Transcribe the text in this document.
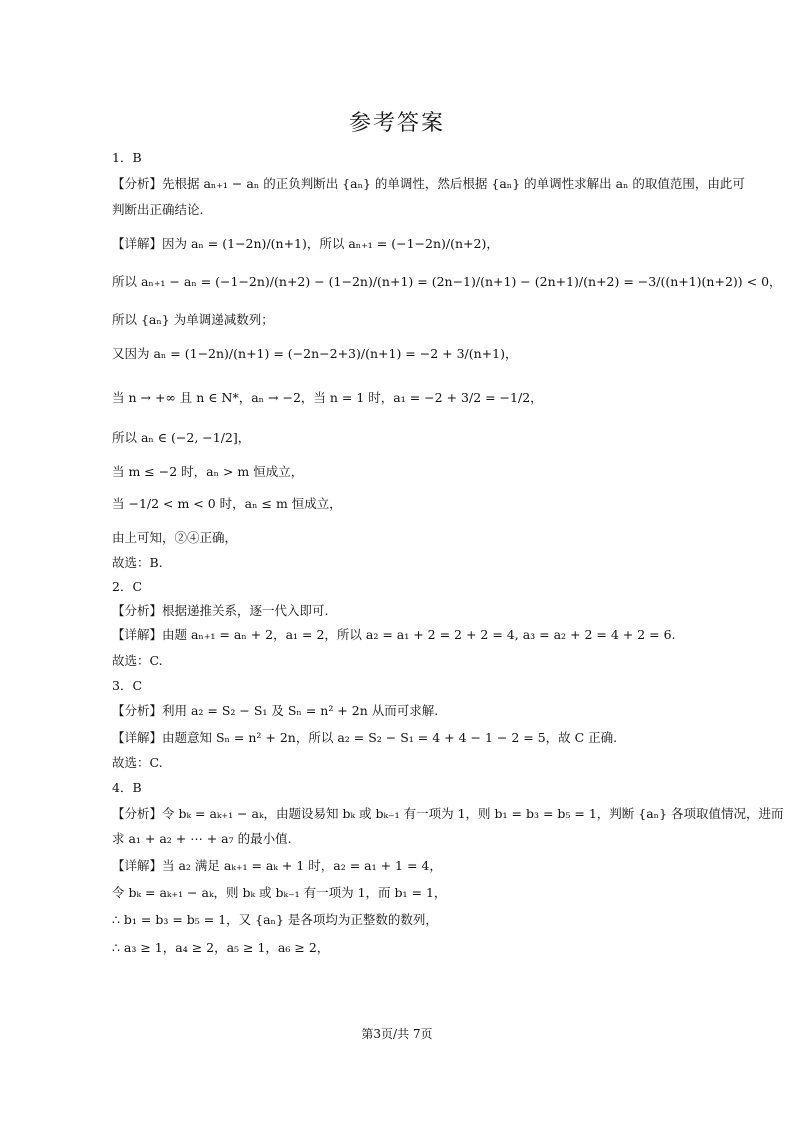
参考答案
1．B
【分析】先根据 aₙ₊₁ − aₙ 的正负判断出 {aₙ} 的单调性，然后根据 {aₙ} 的单调性求解出 aₙ 的取值范围，由此可
判断出正确结论.
【详解】因为 aₙ = (1−2n)/(n+1)，所以 aₙ₊₁ = (−1−2n)/(n+2)，
所以 aₙ₊₁ − aₙ = (−1−2n)/(n+2) − (1−2n)/(n+1) = (2n−1)/(n+1) − (2n+1)/(n+2) = −3/((n+1)(n+2)) < 0，
所以 {aₙ} 为单调递减数列；
又因为 aₙ = (1−2n)/(n+1) = (−2n−2+3)/(n+1) = −2 + 3/(n+1)，
当 n → +∞ 且 n ∈ N*，aₙ → −2，当 n = 1 时，a₁ = −2 + 3/2 = −1/2，
所以 aₙ ∈ (−2, −1/2]，
当 m ≤ −2 时，aₙ > m 恒成立，
当 −1/2 < m < 0 时，aₙ ≤ m 恒成立，
由上可知，②④正确，
故选：B.
2．C
【分析】根据递推关系，逐一代入即可.
【详解】由题 aₙ₊₁ = aₙ + 2，a₁ = 2，所以 a₂ = a₁ + 2 = 2 + 2 = 4, a₃ = a₂ + 2 = 4 + 2 = 6.
故选：C.
3．C
【分析】利用 a₂ = S₂ − S₁ 及 Sₙ = n² + 2n 从而可求解.
【详解】由题意知 Sₙ = n² + 2n，所以 a₂ = S₂ − S₁ = 4 + 4 − 1 − 2 = 5，故 C 正确.
故选：C.
4．B
【分析】令 bₖ = aₖ₊₁ − aₖ，由题设易知 bₖ 或 bₖ₋₁ 有一项为 1，则 b₁ = b₃ = b₅ = 1，判断 {aₙ} 各项取值情况，进而
求 a₁ + a₂ + ⋯ + a₇ 的最小值.
【详解】当 a₂ 满足 aₖ₊₁ = aₖ + 1 时，a₂ = a₁ + 1 = 4，
令 bₖ = aₖ₊₁ − aₖ，则 bₖ 或 bₖ₋₁ 有一项为 1，而 b₁ = 1，
∴ b₁ = b₃ = b₅ = 1，又 {aₙ} 是各项均为正整数的数列，
∴ a₃ ≥ 1，a₄ ≥ 2，a₅ ≥ 1，a₆ ≥ 2，
第3页/共 7页
